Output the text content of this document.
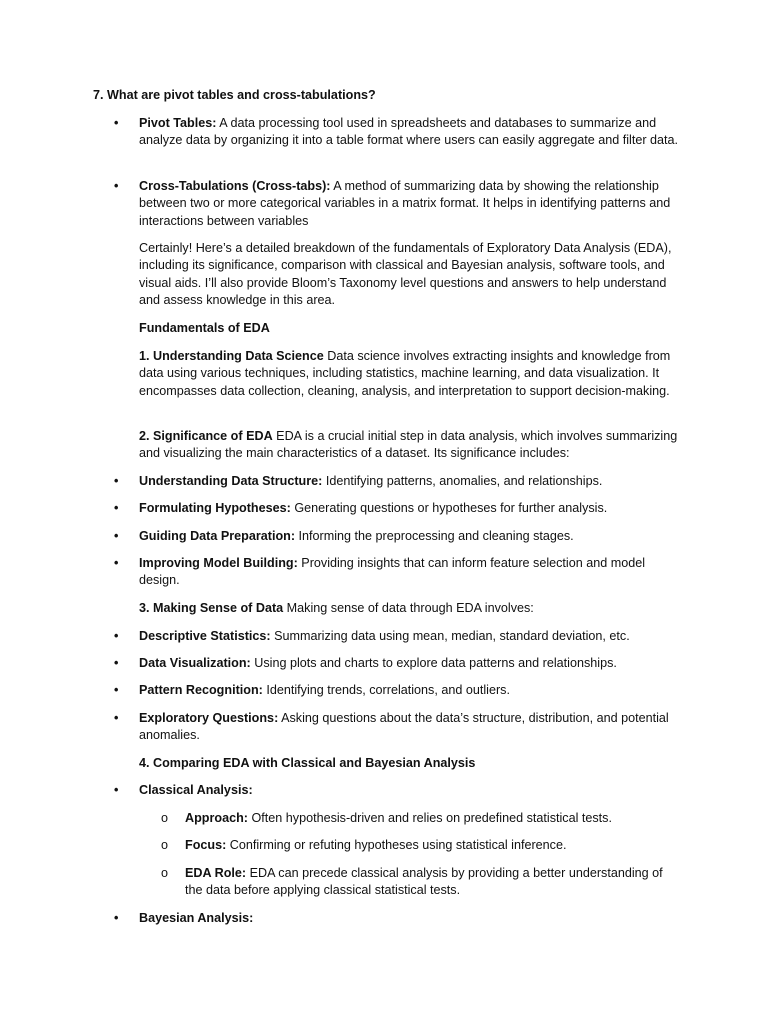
7. What are pivot tables and cross-tabulations?

• Pivot Tables: A data processing tool used in spreadsheets and databases to summarize and analyze data by organizing it into a table format where users can easily aggregate and filter data.

• Cross-Tabulations (Cross-tabs): A method of summarizing data by showing the relationship between two or more categorical variables in a matrix format. It helps in identifying patterns and interactions between variables

Certainly! Here’s a detailed breakdown of the fundamentals of Exploratory Data Analysis (EDA), including its significance, comparison with classical and Bayesian analysis, software tools, and visual aids. I’ll also provide Bloom’s Taxonomy level questions and answers to help understand and assess knowledge in this area.

Fundamentals of EDA

1. Understanding Data Science Data science involves extracting insights and knowledge from data using various techniques, including statistics, machine learning, and data visualization. It encompasses data collection, cleaning, analysis, and interpretation to support decision-making.

2. Significance of EDA EDA is a crucial initial step in data analysis, which involves summarizing and visualizing the main characteristics of a dataset. Its significance includes:

• Understanding Data Structure: Identifying patterns, anomalies, and relationships.

• Formulating Hypotheses: Generating questions or hypotheses for further analysis.

• Guiding Data Preparation: Informing the preprocessing and cleaning stages.

• Improving Model Building: Providing insights that can inform feature selection and model design.

3. Making Sense of Data Making sense of data through EDA involves:

• Descriptive Statistics: Summarizing data using mean, median, standard deviation, etc.

• Data Visualization: Using plots and charts to explore data patterns and relationships.

• Pattern Recognition: Identifying trends, correlations, and outliers.

• Exploratory Questions: Asking questions about the data’s structure, distribution, and potential anomalies.

4. Comparing EDA with Classical and Bayesian Analysis

• Classical Analysis:

o Approach: Often hypothesis-driven and relies on predefined statistical tests.

o Focus: Confirming or refuting hypotheses using statistical inference.

o EDA Role: EDA can precede classical analysis by providing a better understanding of the data before applying classical statistical tests.

• Bayesian Analysis:
